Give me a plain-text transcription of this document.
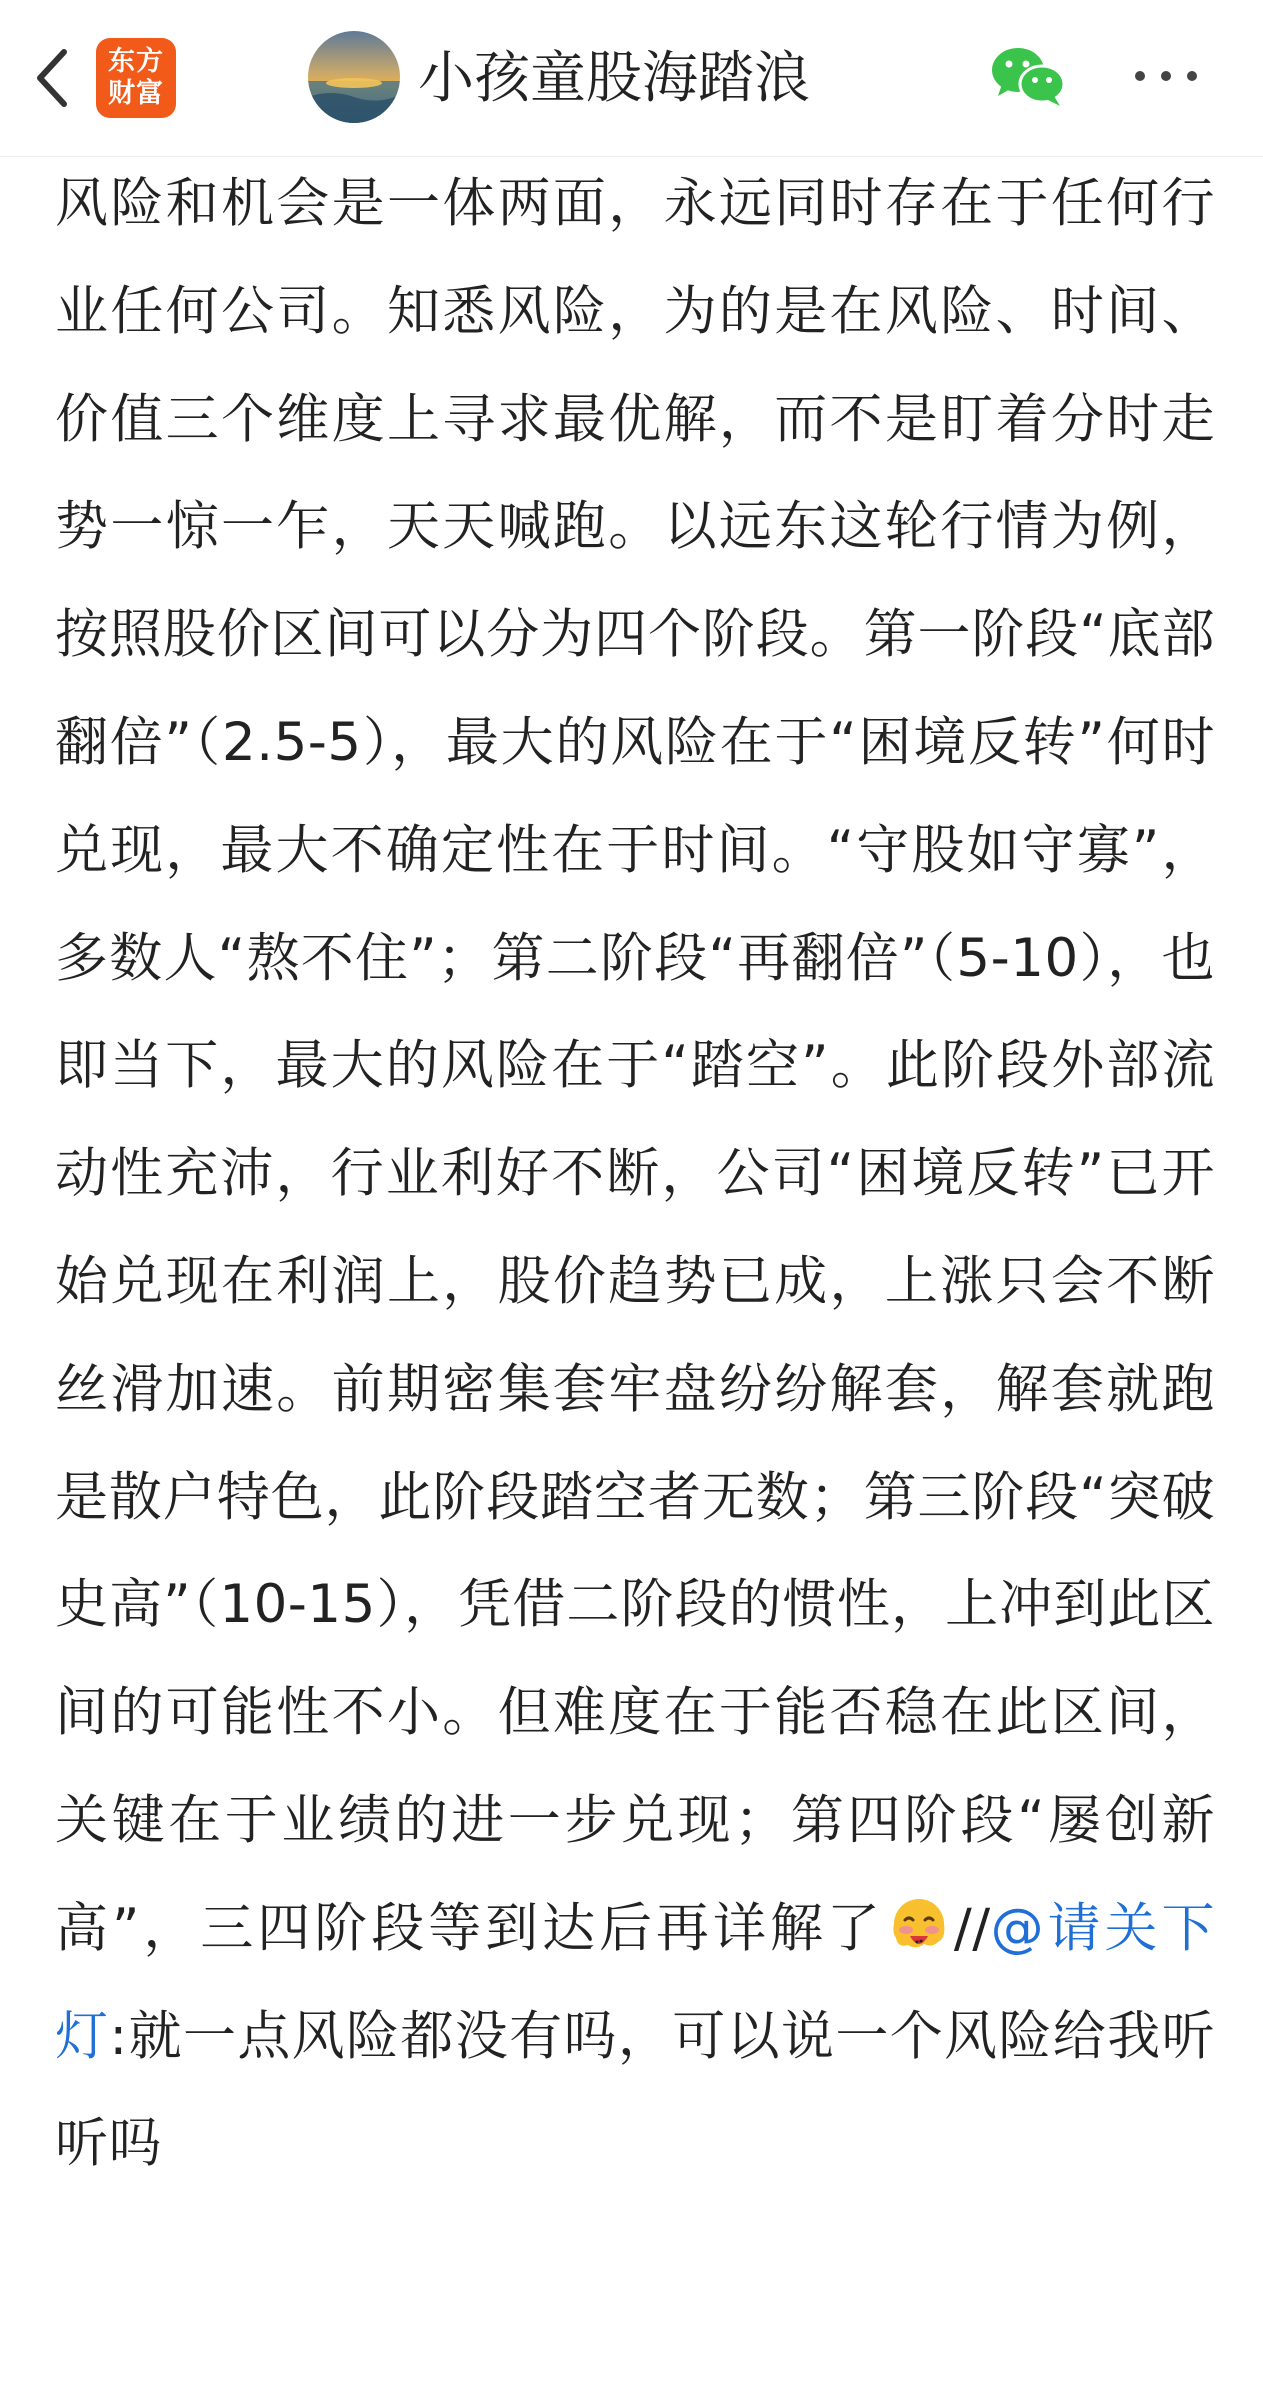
东方
财富	小孩童股海踏浪
风险和机会是一体两面，永远同时存在于任何行业任何公司。知悉风险，为的是在风险、时间、价值三个维度上寻求最优解，而不是盯着分时走势一惊一乍，天天喊跑。以远东这轮行情为例，按照股价区间可以分为四个阶段。第一阶段“底部翻倍”（2.5-5），最大的风险在于“困境反转”何时兑现，最大不确定性在于时间。“守股如守寡”，多数人“熬不住”；第二阶段“再翻倍”（5-10），也即当下，最大的风险在于“踏空”。此阶段外部流动性充沛，行业利好不断，公司“困境反转”已开始兑现在利润上，股价趋势已成，上涨只会不断丝滑加速。前期密集套牢盘纷纷解套，解套就跑是散户特色，此阶段踏空者无数；第三阶段“突破史高”（10-15），凭借二阶段的惯性，上冲到此区间的可能性不小。但难度在于能否稳在此区间，关键在于业绩的进一步兑现；第四阶段“屡创新高”，三四阶段等到达后再详解了 //@请关下灯:就一点风险都没有吗，可以说一个风险给我听听吗
